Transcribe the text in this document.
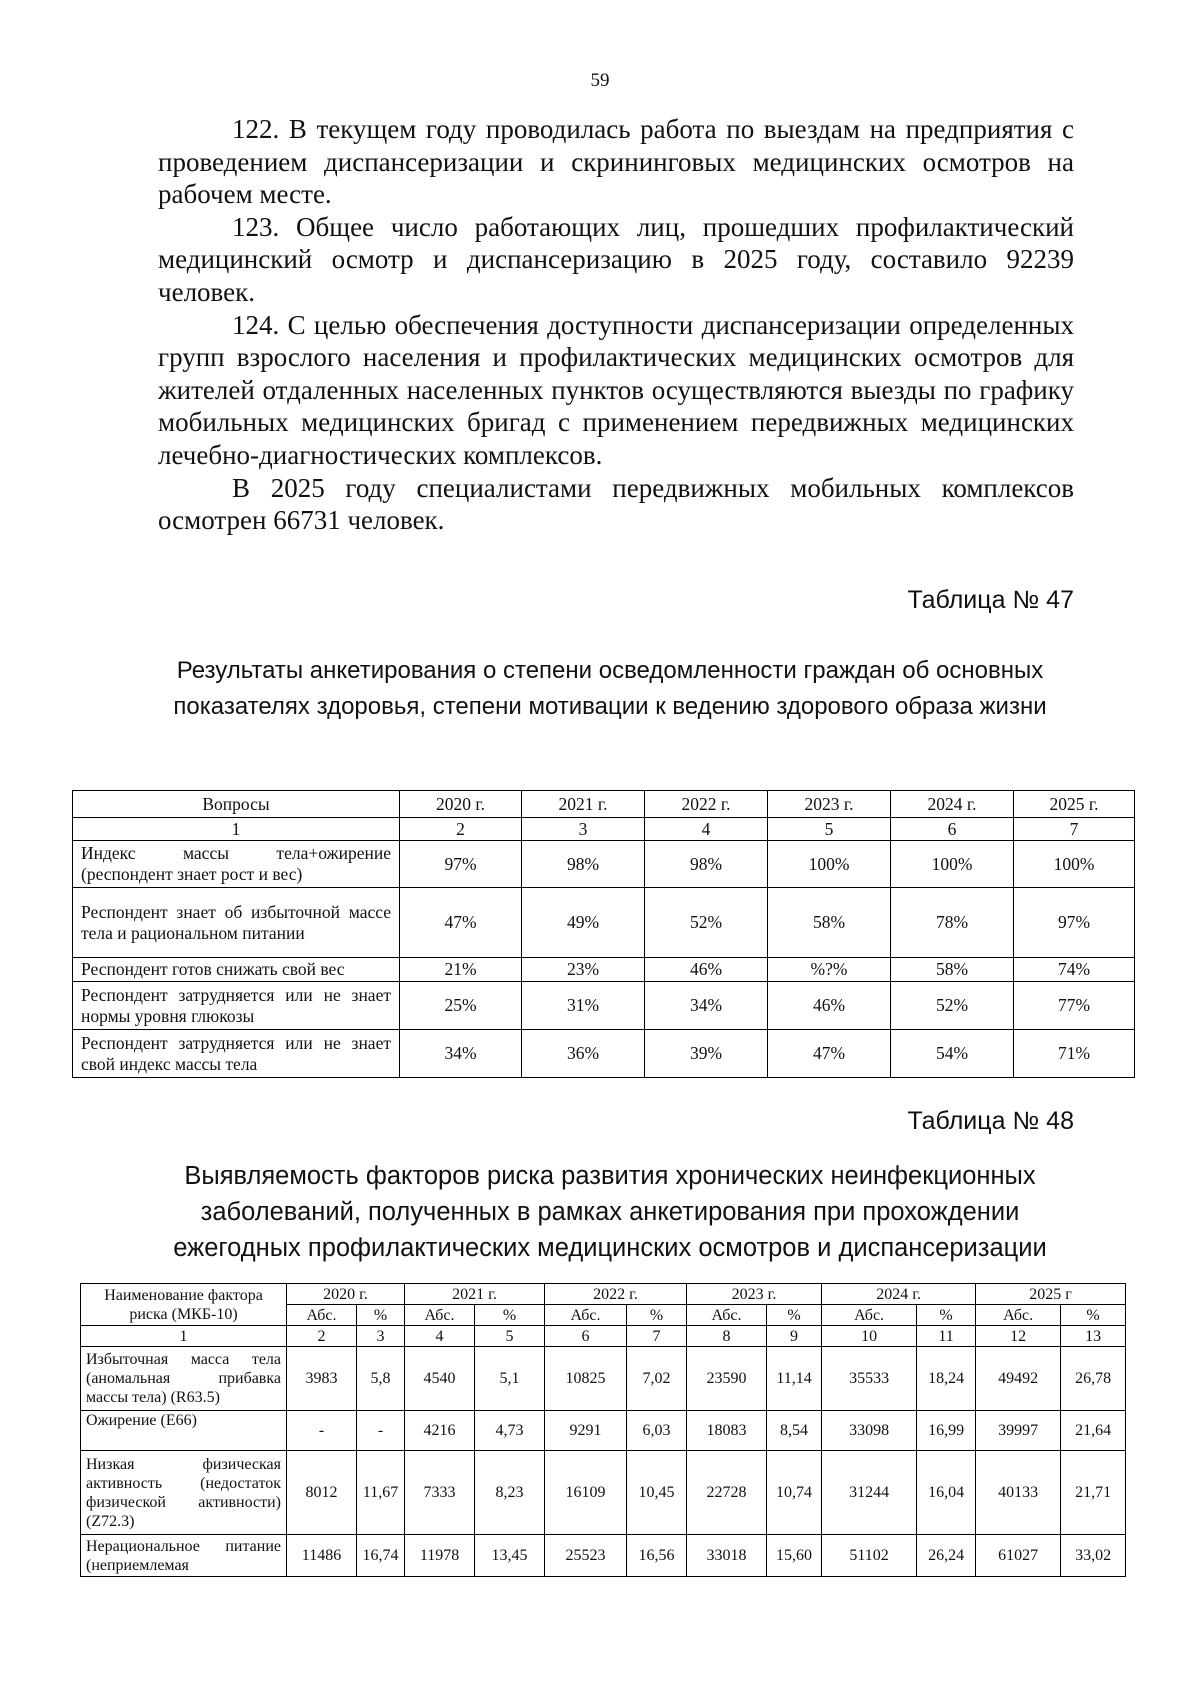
59

122. В текущем году проводилась работа по выездам на предприятия с проведением диспансеризации и скрининговых медицинских осмотров на рабочем месте.

123. Общее число работающих лиц, прошедших профилактический медицинский осмотр и диспансеризацию в 2025 году, составило 92239 человек.

124. С целью обеспечения доступности диспансеризации определенных групп взрослого населения и профилактических медицинских осмотров для жителей отдаленных населенных пунктов осуществляются выезды по графику мобильных медицинских бригад с применением передвижных медицинских лечебно-диагностических комплексов.

В 2025 году специалистами передвижных мобильных комплексов осмотрен 66731 человек.

Таблица № 47
Результаты анкетирования о степени осведомленности граждан об основных показателях здоровья, степени мотивации к ведению здорового образа жизни
Вопросы	2020 г.	2021 г.	2022 г.	2023 г.	2024 г.	2025 г.
1	2	3	4	5	6	7
Индекс массы тела+ожирение (респондент знает рост и вес)	97%	98%	98%	100%	100%	100%
Респондент знает об избыточной массе тела и рациональном питании	47%	49%	52%	58%	78%	97%
Респондент готов снижать свой вес	21%	23%	46%	%?%	58%	74%
Респондент затрудняется или не знает нормы уровня глюкозы	25%	31%	34%	46%	52%	77%
Респондент затрудняется или не знает свой индекс массы тела	34%	36%	39%	47%	54%	71%
Таблица № 48
Выявляемость факторов риска развития хронических неинфекционных заболеваний, полученных в рамках анкетирования при прохождении ежегодных профилактических медицинских осмотров и диспансеризации
Наименование фактора риска (МКБ-10)	2020 г.		2021 г.		2022 г.		2023 г.		2024 г.		2025 г	
	Абс.	%	Абс.	%	Абс.	%	Абс.	%	Абс.	%	Абс.	%
1	2	3	4	5	6	7	8	9	10	11	12	13
Избыточная масса тела (аномальная прибавка массы тела) (R63.5)	3983	5,8	4540	5,1	10825	7,02	23590	11,14	35533	18,24	49492	26,78
Ожирение (E66)	-	-	4216	4,73	9291	6,03	18083	8,54	33098	16,99	39997	21,64
Низкая физическая активность (недостаток физической активности) (Z72.3)	8012	11,67	7333	8,23	16109	10,45	22728	10,74	31244	16,04	40133	21,71
Нерациональное питание (неприемлемая	11486	16,74	11978	13,45	25523	16,56	33018	15,60	51102	26,24	61027	33,02
